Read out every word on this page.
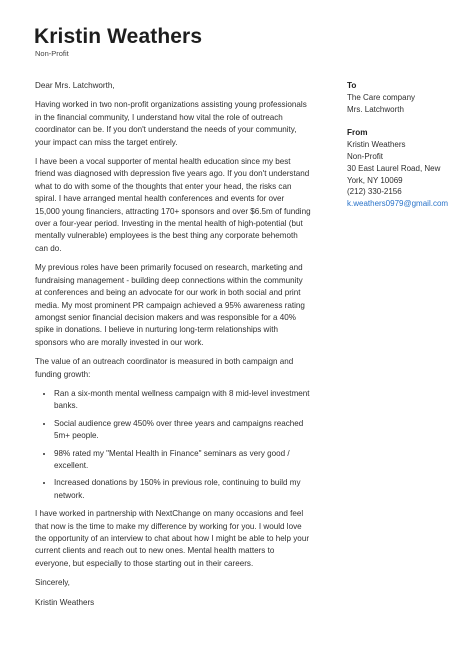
Kristin Weathers
Non-Profit

Dear Mrs. Latchworth,

Having worked in two non-profit organizations assisting young professionals in the financial community, I understand how vital the role of outreach coordinator can be. If you don't understand the needs of your community, your impact can miss the target entirely.

I have been a vocal supporter of mental health education since my best friend was diagnosed with depression five years ago. If you don't understand what to do with some of the thoughts that enter your head, the risks can spiral. I have arranged mental health conferences and events for over 15,000 young financiers, attracting 170+ sponsors and over $6.5m of funding over a four-year period. Investing in the mental health of high-potential (but mentally vulnerable) employees is the best thing any corporate behemoth can do.

My previous roles have been primarily focused on research, marketing and fundraising management - building deep connections within the community at conferences and being an advocate for our work in both social and print media. My most prominent PR campaign achieved a 95% awareness rating amongst senior financial decision makers and was responsible for a 40% spike in donations. I believe in nurturing long-term relationships with sponsors who are morally invested in our work.

The value of an outreach coordinator is measured in both campaign and funding growth:

• Ran a six-month mental wellness campaign with 8 mid-level investment banks.
• Social audience grew 450% over three years and campaigns reached 5m+ people.
• 98% rated my "Mental Health in Finance" seminars as very good / excellent.
• Increased donations by 150% in previous role, continuing to build my network.

I have worked in partnership with NextChange on many occasions and feel that now is the time to make my difference by working for you. I would love the opportunity of an interview to chat about how I might be able to help your current clients and reach out to new ones. Mental health matters to everyone, but especially to those starting out in their careers.

Sincerely,

Kristin Weathers

To
The Care company
Mrs. Latchworth
From
Kristin Weathers
Non-Profit
30 East Laurel Road, New
York, NY 10069
(212) 330-2156
k.weathers0979@gmail.com
